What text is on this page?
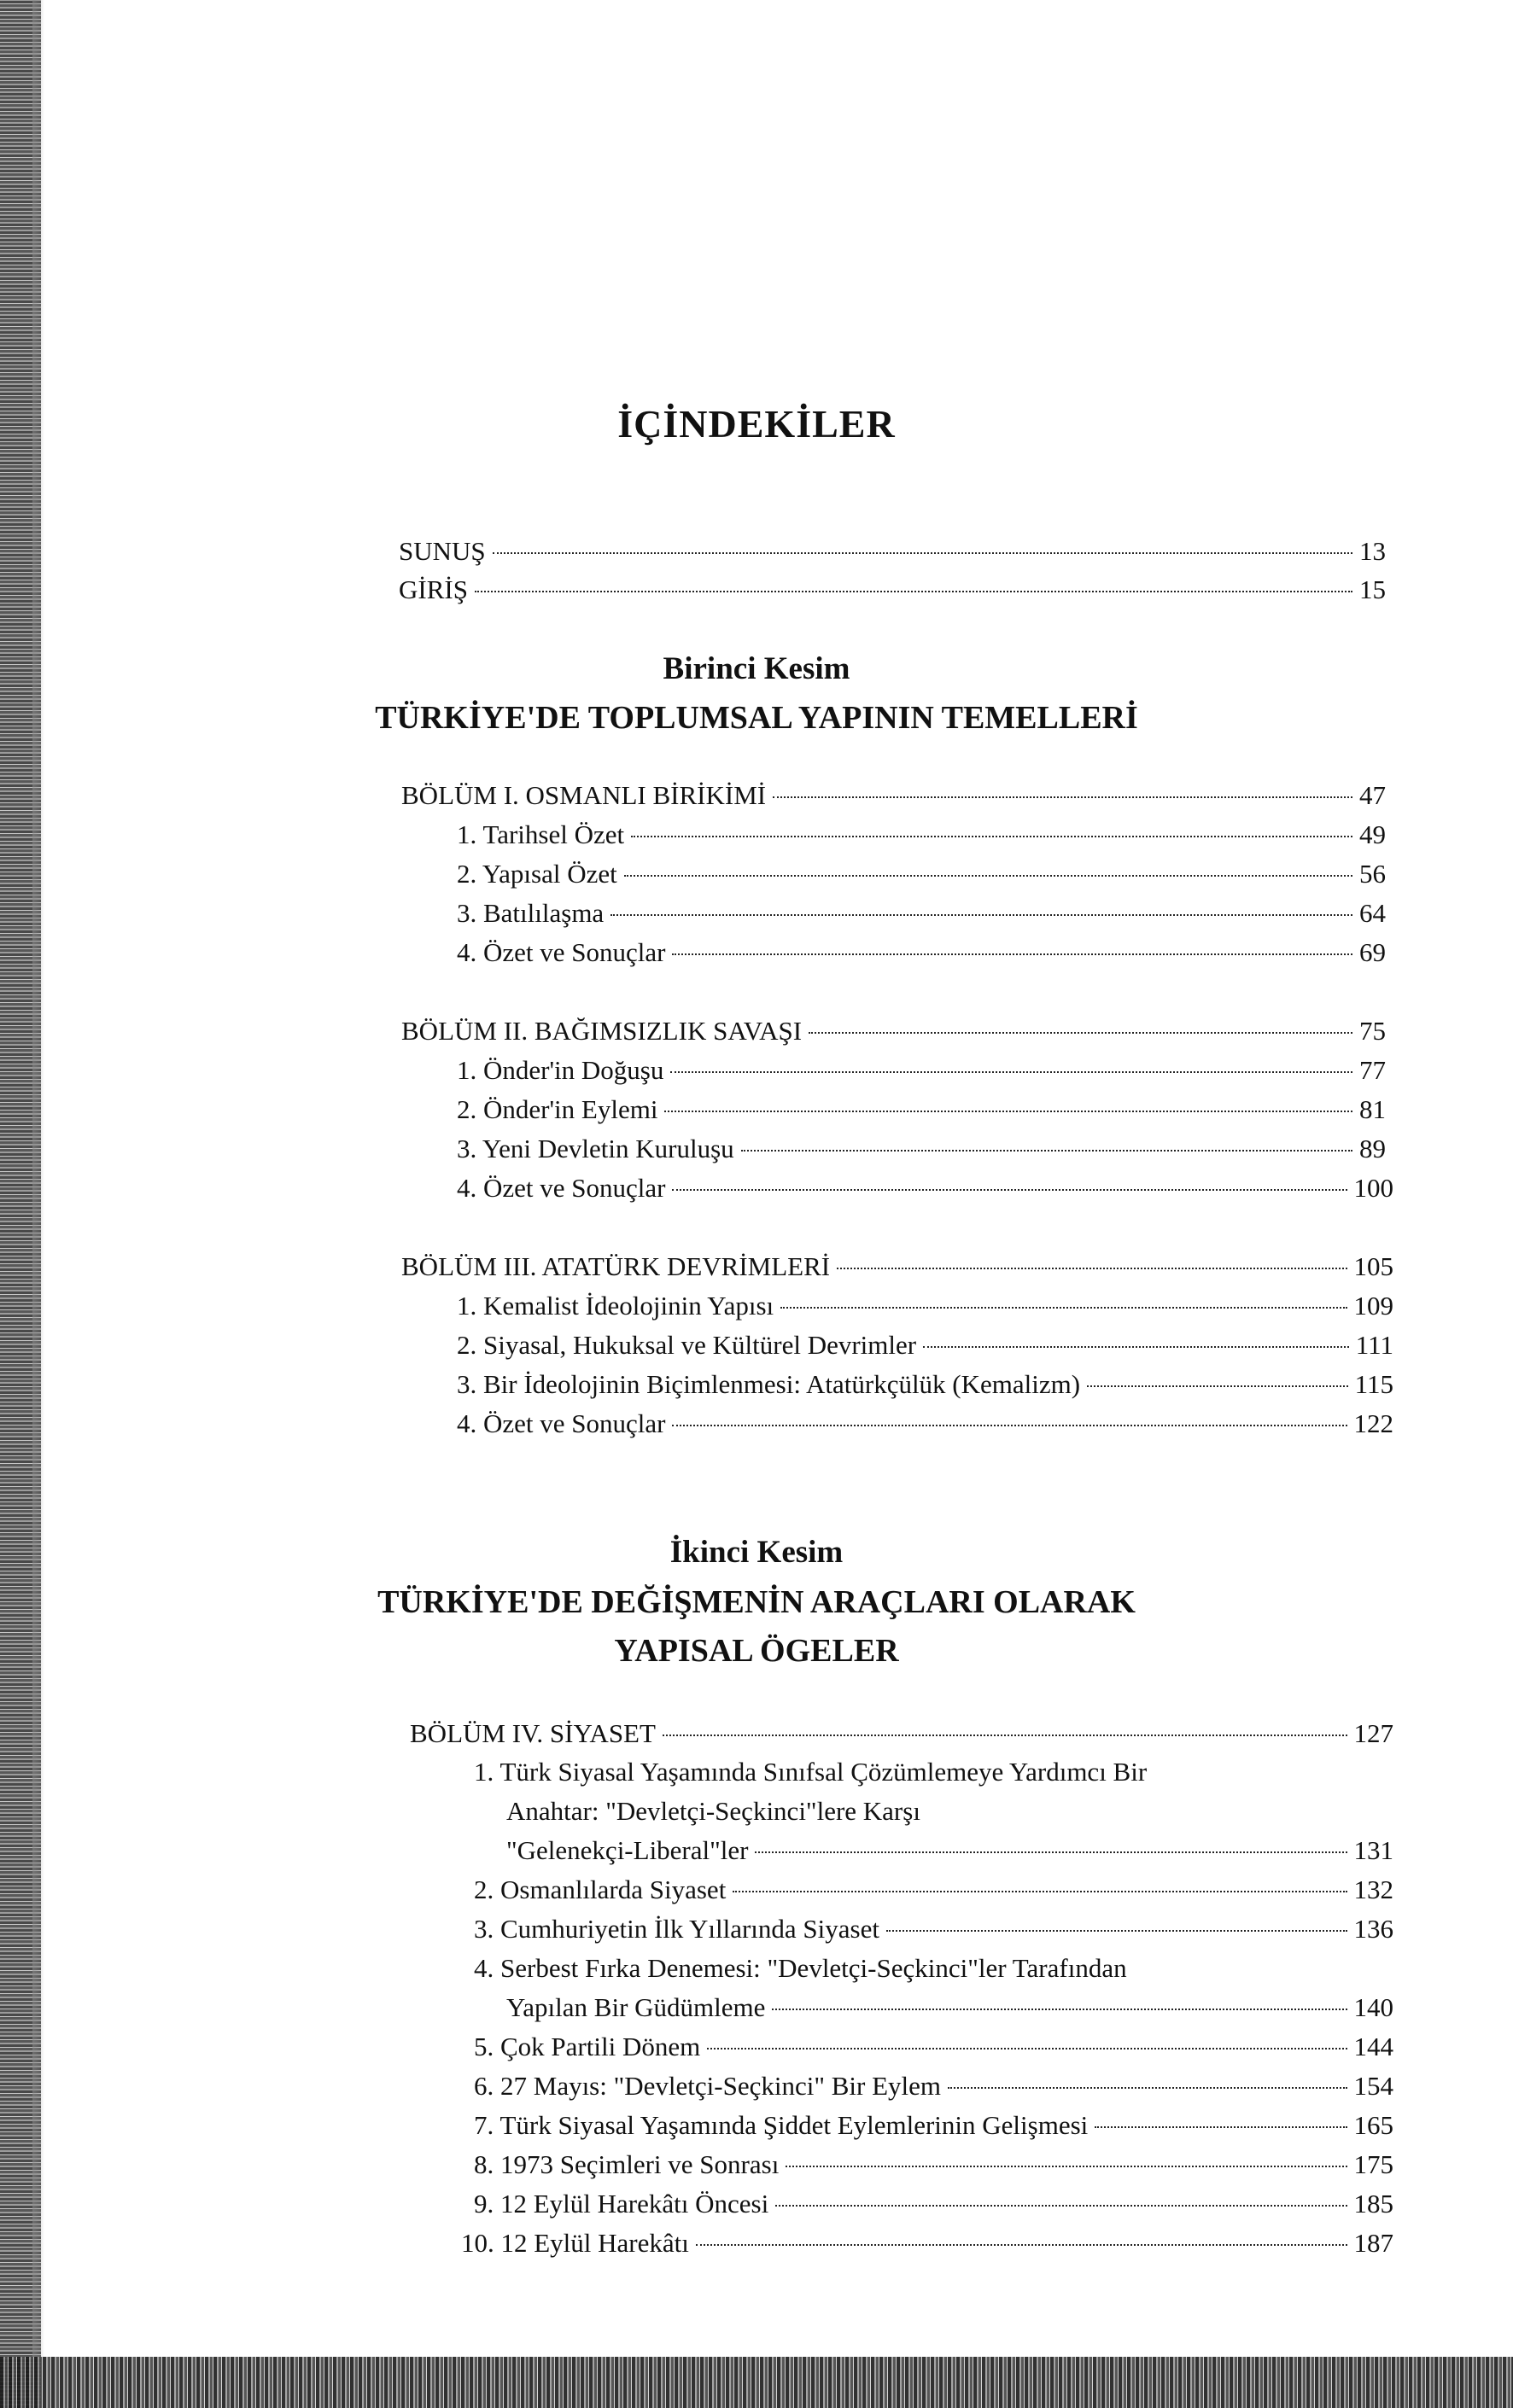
İÇİNDEKİLER
SUNUŞ	13
GİRİŞ	15
Birinci Kesim
TÜRKİYE'DE TOPLUMSAL YAPININ TEMELLERİ
BÖLÜM I. OSMANLI BİRİKİMİ	47
1. Tarihsel Özet	49
2. Yapısal Özet	56
3. Batılılaşma	64
4. Özet ve Sonuçlar	69
BÖLÜM II. BAĞIMSIZLIK SAVAŞI	75
1. Önder'in Doğuşu	77
2. Önder'in Eylemi	81
3. Yeni Devletin Kuruluşu	89
4. Özet ve Sonuçlar	100
BÖLÜM III. ATATÜRK DEVRİMLERİ	105
1. Kemalist İdeolojinin Yapısı	109
2. Siyasal, Hukuksal ve Kültürel Devrimler	111
3. Bir İdeolojinin Biçimlenmesi: Atatürkçülük (Kemalizm)	115
4. Özet ve Sonuçlar	122
İkinci Kesim
TÜRKİYE'DE DEĞİŞMENİN ARAÇLARI OLARAK
YAPISAL ÖGELER
BÖLÜM IV. SİYASET	127
1. Türk Siyasal Yaşamında Sınıfsal Çözümlemeye Yardımcı Bir
Anahtar: "Devletçi-Seçkinci"lere Karşı
"Gelenekçi-Liberal"ler	131
2. Osmanlılarda Siyaset	132
3. Cumhuriyetin İlk Yıllarında Siyaset	136
4. Serbest Fırka Denemesi: "Devletçi-Seçkinci"ler Tarafından
Yapılan Bir Güdümleme	140
5. Çok Partili Dönem	144
6. 27 Mayıs: "Devletçi-Seçkinci" Bir Eylem	154
7. Türk Siyasal Yaşamında Şiddet Eylemlerinin Gelişmesi	165
8. 1973 Seçimleri ve Sonrası	175
9. 12 Eylül Harekâtı Öncesi	185
10. 12 Eylül Harekâtı	187
